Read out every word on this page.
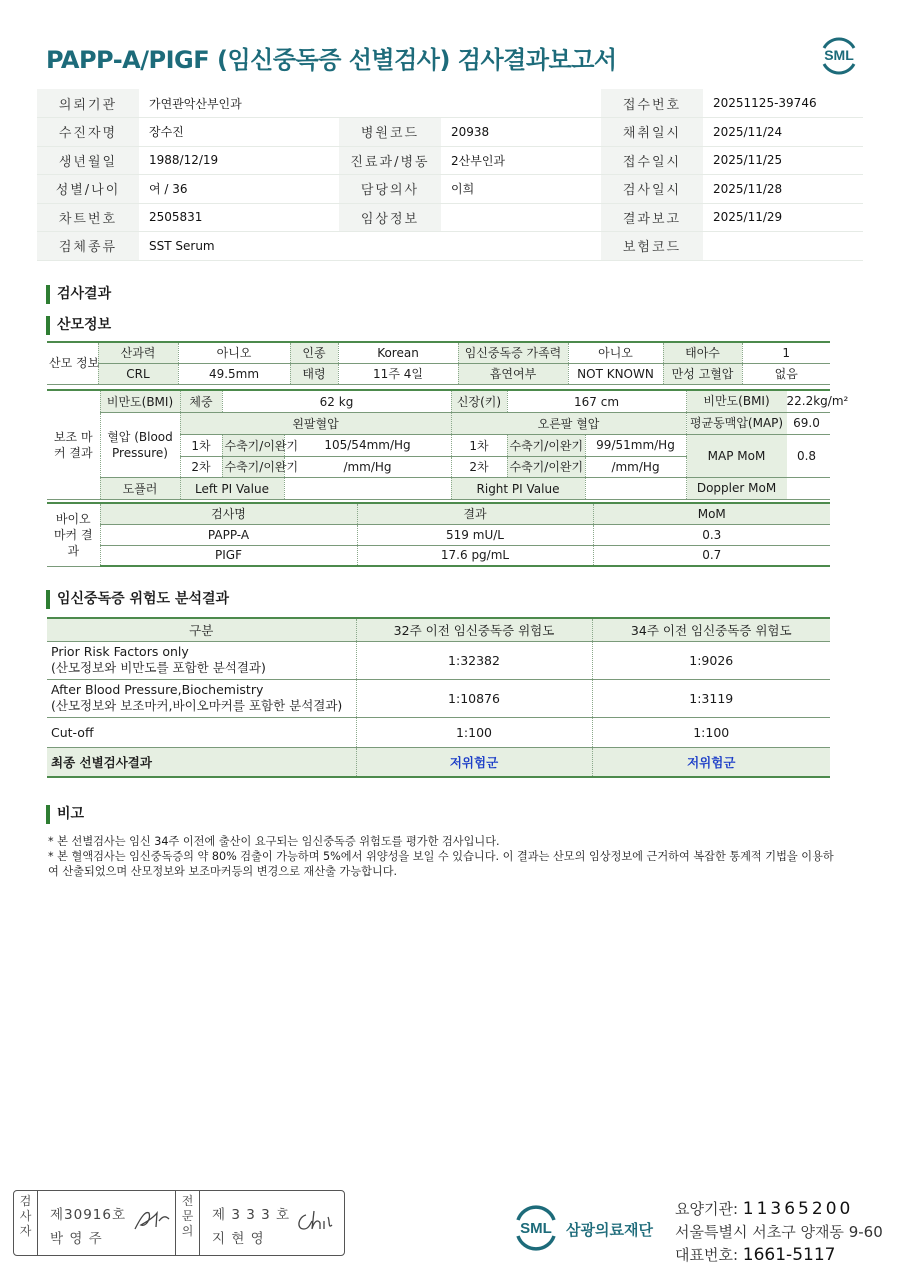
PAPP-A/PIGF (임신중독증 선별검사) 검사결과보고서	SML
의뢰기관	가연관악산부인과			접수번호	20251125-39746
수진자명	장수진	병원코드	20938	채취일시	2025/11/24
생년월일	1988/12/19	진료과/병동	2산부인과	접수일시	2025/11/25
성별/나이	여 / 36	담당의사	이희	검사일시	2025/11/28
차트번호	2505831	임상정보		결과보고	2025/11/29
검체종류	SST Serum			보험코드	
검사결과
산모정보
산모 정보	산과력	아니오	인종	Korean	임신중독증 가족력	아니오	태아수	1
	CRL	49.5mm	태령	11주 4일	흡연여부	NOT KNOWN	만성 고혈압	없음
보조 마커 결과	비만도(BMI)	체중	62 kg		신장(키)	167 cm		비만도(BMI) 22.2kg/m²
	혈압 (Blood Pressure)	왼팔혈압			오른팔 혈압			평균동맥압(MAP) 69.0
		1차	수축기/이완기	105/54mm/Hg	1차	수축기/이완기	99/51mm/Hg	MAP MoM 0.8
		2차	수축기/이완기	/mm/Hg	2차	수축기/이완기	/mm/Hg	
	도플러	Left PI Value			Right PI Value			Doppler MoM
바이오 마커 결과	검사명	결과	MoM
	PAPP-A	519 mU/L	0.3
	PIGF	17.6 pg/mL	0.7
임신중독증 위험도 분석결과
구분	32주 이전 임신중독증 위험도	34주 이전 임신중독증 위험도

Prior Risk Factors only
(산모정보와 비만도를 포함한 분석결과)	1:32382	1:9026

After Blood Pressure,Biochemistry
(산모정보와 보조마커,바이오마커를 포함한 분석결과)	1:10876	1:3119
Cut-off	1:100	1:100
최종 선별검사결과	저위험군	저위험군
비고
* 본 선별검사는 임신 34주 이전에 출산이 요구되는 임신중독증 위험도를 평가한 검사입니다.
* 본 혈액검사는 임신중독증의 약 80% 검출이 가능하며 5%에서 위양성을 보일 수 있습니다. 이 결과는 산모의 임상정보에 근거하여 복잡한 통계적 기법을 이용하여 산출되었으며 산모정보와 보조마커등의 변경으로 재산출 가능합니다.
검 사 자
제30916호
박 영 주
전 문 의
제 3 3 3 호
지 현 영
SML 삼광의료재단
요양기관: 11365200
서울특별시 서초구 양재동 9-60
대표번호: 1661-5117
